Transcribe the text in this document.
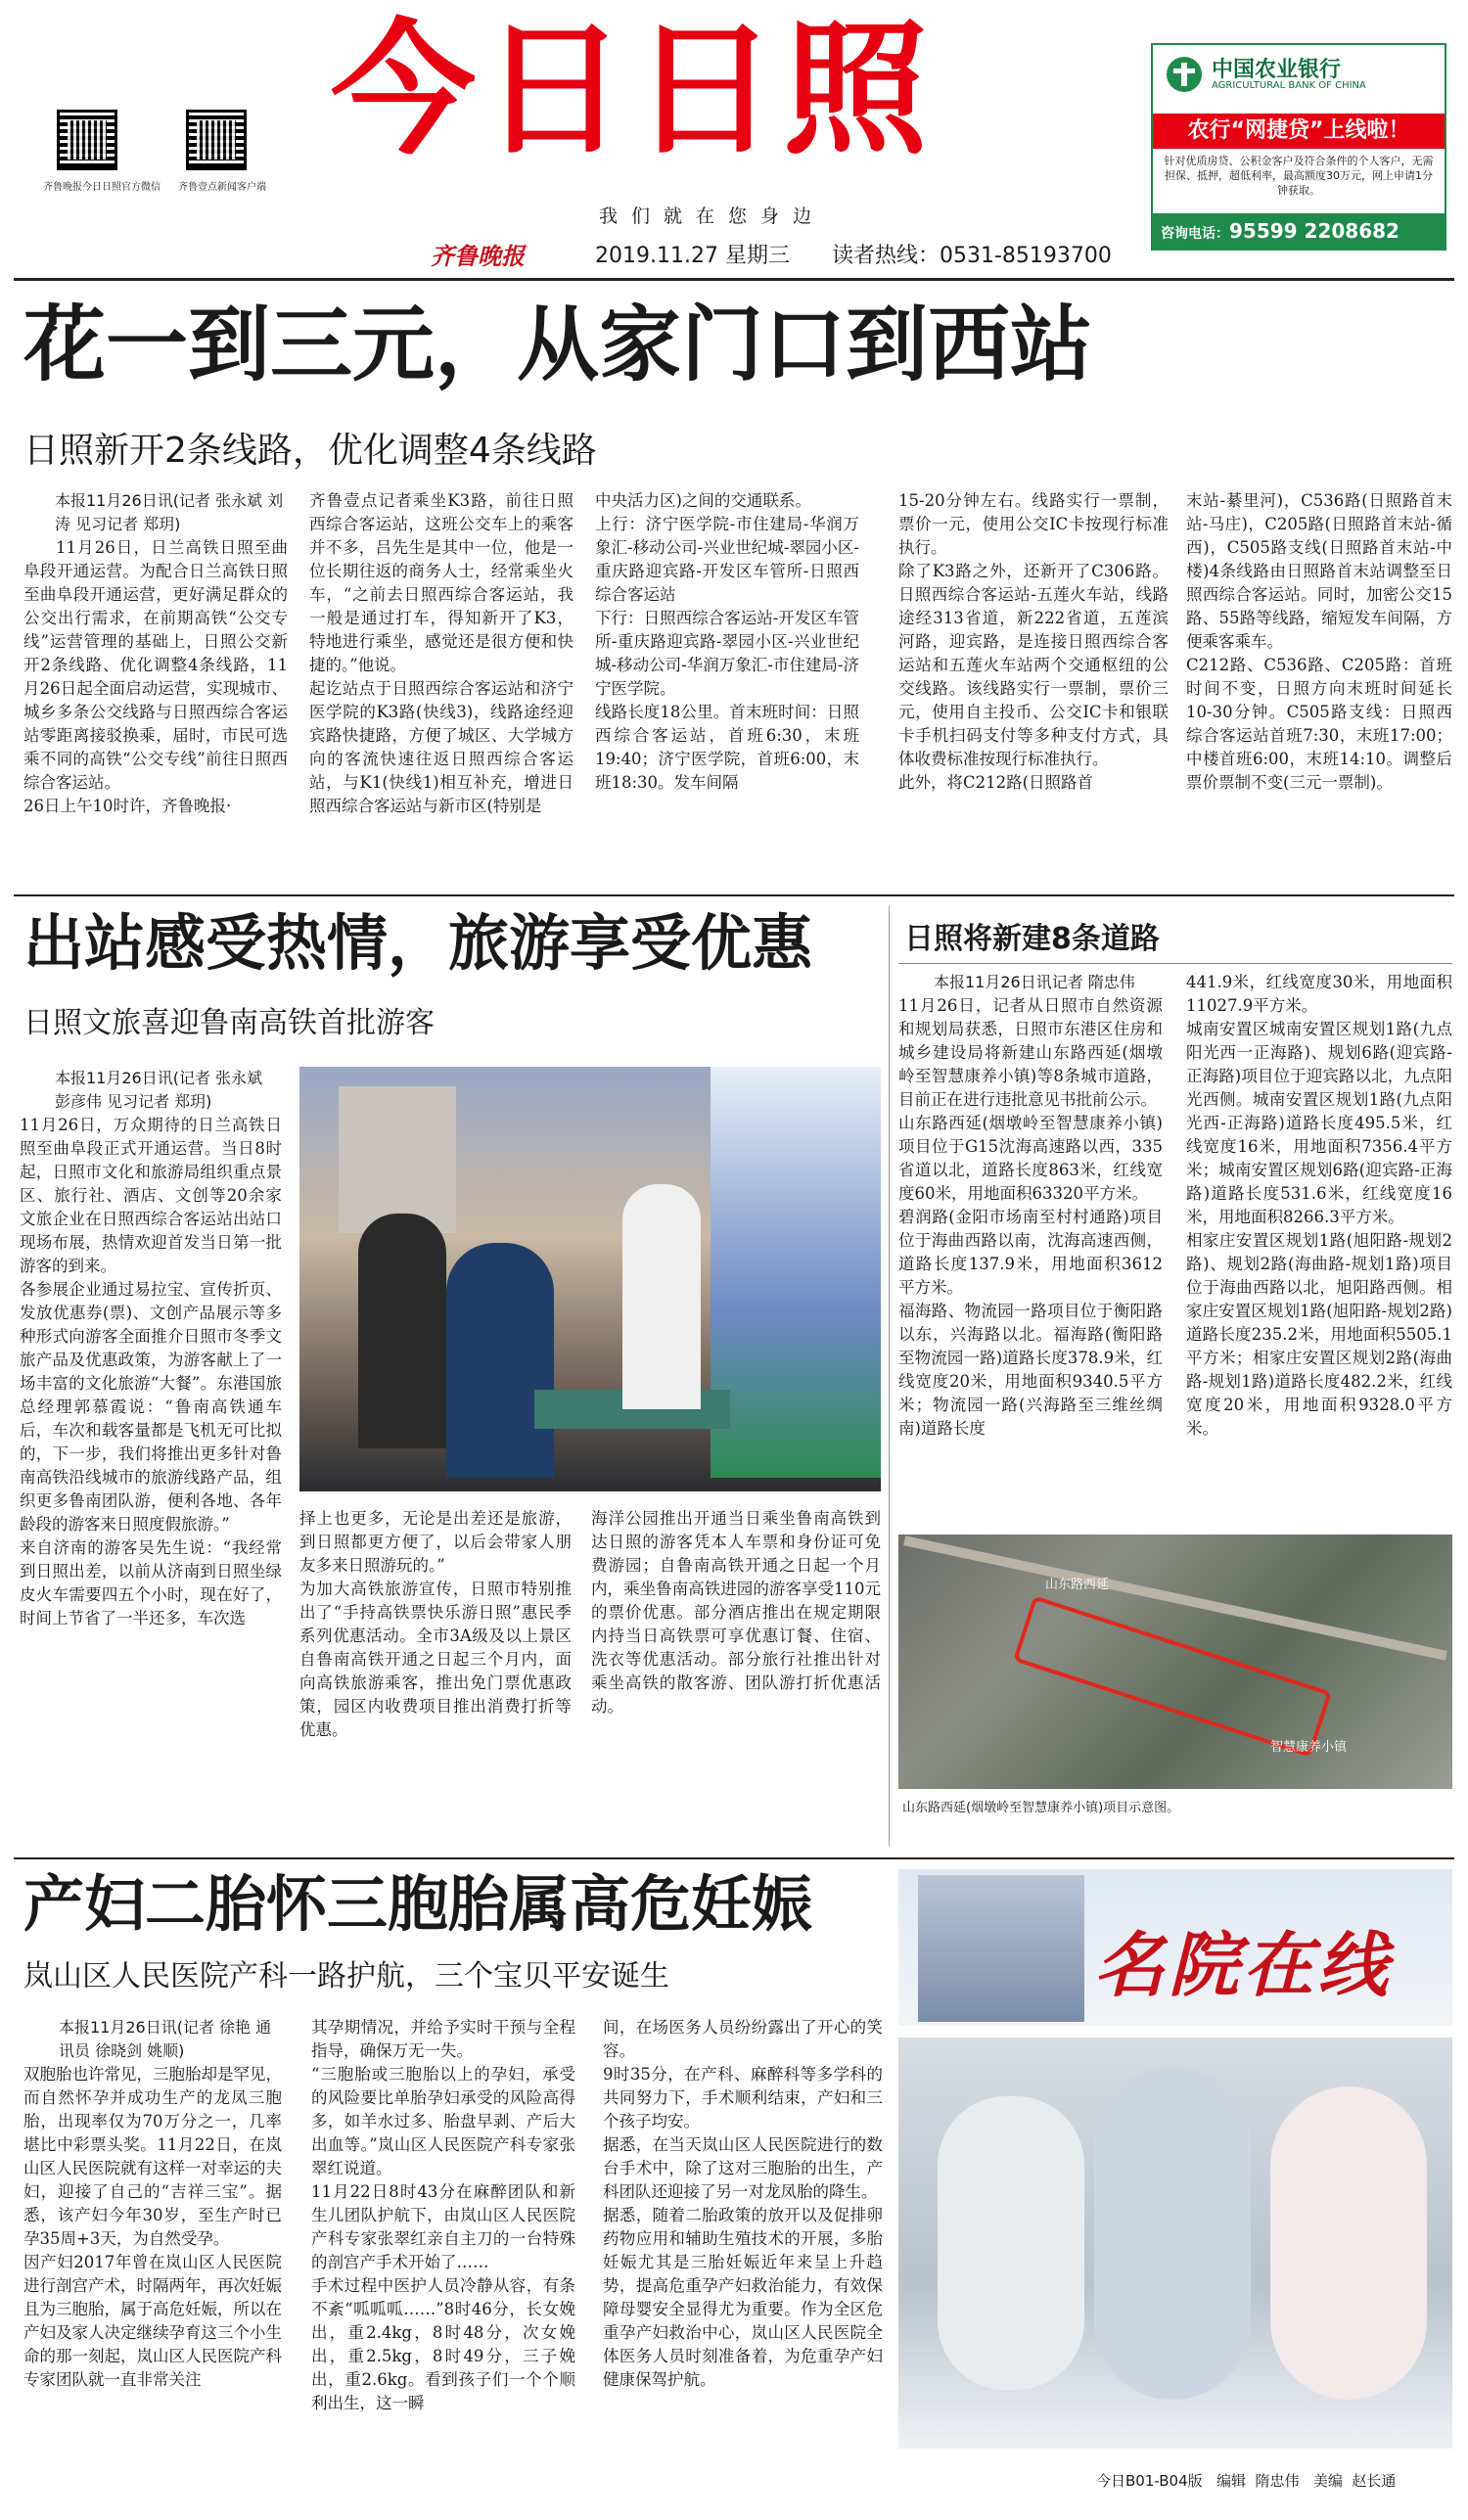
齐鲁晚报今日日照官方微信	齐鲁壹点新闻客户端
今日日照
我们就在您身边
齐鲁晚报	2019.11.27 星期三 读者热线：0531-85193700
中国农业银行
AGRICULTURAL BANK OF CHINA
农行“网捷贷”上线啦！
针对优质房贷、公积金客户及符合条件的个人客户，无需担保、抵押，超低利率，最高额度30万元，网上申请1分钟获取。
咨询电话：95599 2208682
花一到三元，从家门口到西站
日照新开2条线路，优化调整4条线路
本报11月26日讯(记者 张永斌 刘涛 见习记者 郑玥)
11月26日，日兰高铁日照至曲阜段开通运营。为配合日兰高铁日照至曲阜段开通运营，更好满足群众的公交出行需求，在前期高铁“公交专线”运营管理的基础上，日照公交新开2条线路、优化调整4条线路，11月26日起全面启动运营，实现城市、城乡多条公交线路与日照西综合客运站零距离接驳换乘，届时，市民可选乘不同的高铁“公交专线”前往日照西综合客运站。
26日上午10时许，齐鲁晚报·
齐鲁壹点记者乘坐K3路，前往日照西综合客运站，这班公交车上的乘客并不多，吕先生是其中一位，他是一位长期往返的商务人士，经常乘坐火车，“之前去日照西综合客运站，我一般是通过打车，得知新开了K3，特地进行乘坐，感觉还是很方便和快捷的。”他说。
起讫站点于日照西综合客运站和济宁医学院的K3路(快线3)，线路途经迎宾路快捷路，方便了城区、大学城方向的客流快速往返日照西综合客运站，与K1(快线1)相互补充，增进日照西综合客运站与新市区(特别是
中央活力区)之间的交通联系。
上行：济宁医学院-市住建局-华润万象汇-移动公司-兴业世纪城-翠园小区-重庆路迎宾路-开发区车管所-日照西综合客运站
下行：日照西综合客运站-开发区车管所-重庆路迎宾路-翠园小区-兴业世纪城-移动公司-华润万象汇-市住建局-济宁医学院。
线路长度18公里。首末班时间：日照西综合客运站，首班6:30，末班19:40；济宁医学院，首班6:00，末班18:30。发车间隔
15-20分钟左右。线路实行一票制，票价一元，使用公交IC卡按现行标准执行。
除了K3路之外，还新开了C306路。日照西综合客运站-五莲火车站，线路途经313省道，新222省道，五莲滨河路，迎宾路，是连接日照西综合客运站和五莲火车站两个交通枢纽的公交线路。该线路实行一票制，票价三元，使用自主投币、公交IC卡和银联卡手机扫码支付等多种支付方式，具体收费标准按现行标准执行。
此外，将C212路(日照路首
末站-綦里河)，C536路(日照路首末站-马庄)，C205路(日照路首末站-循西)，C505路支线(日照路首末站-中楼)4条线路由日照路首末站调整至日照西综合客运站。同时，加密公交15路、55路等线路，缩短发车间隔，方便乘客乘车。
C212路、C536路、C205路：首班时间不变，日照方向末班时间延长10-30分钟。C505路支线：日照西综合客运站首班7:30，末班17:00；中楼首班6:00，末班14:10。调整后票价票制不变(三元一票制)。
出站感受热情，旅游享受优惠
日照文旅喜迎鲁南高铁首批游客
本报11月26日讯(记者 张永斌 彭彦伟 见习记者 郑玥)
11月26日，万众期待的日兰高铁日照至曲阜段正式开通运营。当日8时起，日照市文化和旅游局组织重点景区、旅行社、酒店、文创等20余家文旅企业在日照西综合客运站出站口现场布展，热情欢迎首发当日第一批游客的到来。
各参展企业通过易拉宝、宣传折页、发放优惠券(票)、文创产品展示等多种形式向游客全面推介日照市冬季文旅产品及优惠政策，为游客献上了一场丰富的文化旅游“大餐”。东港国旅总经理郭慕霞说：“鲁南高铁通车后，车次和载客量都是飞机无可比拟的，下一步，我们将推出更多针对鲁南高铁沿线城市的旅游线路产品，组织更多鲁南团队游，便利各地、各年龄段的游客来日照度假旅游。”
来自济南的游客吴先生说：“我经常到日照出差，以前从济南到日照坐绿皮火车需要四五个小时，现在好了，时间上节省了一半还多，车次选
择上也更多，无论是出差还是旅游，到日照都更方便了，以后会带家人朋友多来日照游玩的。”
为加大高铁旅游宣传，日照市特别推出了“手持高铁票快乐游日照”惠民季系列优惠活动。全市3A级及以上景区自鲁南高铁开通之日起三个月内，面向高铁旅游乘客，推出免门票优惠政策，园区内收费项目推出消费打折等优惠。
海洋公园推出开通当日乘坐鲁南高铁到达日照的游客凭本人车票和身份证可免费游园；自鲁南高铁开通之日起一个月内，乘坐鲁南高铁进园的游客享受110元的票价优惠。部分酒店推出在规定期限内持当日高铁票可享优惠订餐、住宿、洗衣等优惠活动。部分旅行社推出针对乘坐高铁的散客游、团队游打折优惠活动。
日照将新建8条道路
本报11月26日讯记者 隋忠伟
11月26日，记者从日照市自然资源和规划局获悉，日照市东港区住房和城乡建设局将新建山东路西延(烟墩岭至智慧康养小镇)等8条城市道路，目前正在进行违批意见书批前公示。
山东路西延(烟墩岭至智慧康养小镇)项目位于G15沈海高速路以西，335省道以北，道路长度863米，红线宽度60米，用地面积63320平方米。
碧润路(金阳市场南至村村通路)项目位于海曲西路以南，沈海高速西侧，道路长度137.9米，用地面积3612平方米。
福海路、物流园一路项目位于衡阳路以东，兴海路以北。福海路(衡阳路至物流园一路)道路长度378.9米，红线宽度20米，用地面积9340.5平方米；物流园一路(兴海路至三维丝绸南)道路长度
441.9米，红线宽度30米，用地面积11027.9平方米。
城南安置区城南安置区规划1路(九点阳光西一正海路)、规划6路(迎宾路-正海路)项目位于迎宾路以北，九点阳光西侧。城南安置区规划1路(九点阳光西-正海路)道路长度495.5米，红线宽度16米，用地面积7356.4平方米；城南安置区规划6路(迎宾路-正海路)道路长度531.6米，红线宽度16米，用地面积8266.3平方米。
相家庄安置区规划1路(旭阳路-规划2路)、规划2路(海曲路-规划1路)项目位于海曲西路以北，旭阳路西侧。相家庄安置区规划1路(旭阳路-规划2路)道路长度235.2米，用地面积5505.1平方米；相家庄安置区规划2路(海曲路-规划1路)道路长度482.2米，红线宽度20米，用地面积9328.0平方米。
山东路西延
智慧康养小镇
山东路西延(烟墩岭至智慧康养小镇)项目示意图。
产妇二胎怀三胞胎属高危妊娠
岚山区人民医院产科一路护航，三个宝贝平安诞生
本报11月26日讯(记者 徐艳 通讯员 徐晓剑 姚顺)
双胞胎也许常见，三胞胎却是罕见，而自然怀孕并成功生产的龙凤三胞胎，出现率仅为70万分之一，几率堪比中彩票头奖。11月22日，在岚山区人民医院就有这样一对幸运的夫妇，迎接了自己的“吉祥三宝”。据悉，该产妇今年30岁，至生产时已孕35周+3天，为自然受孕。
因产妇2017年曾在岚山区人民医院进行剖宫产术，时隔两年，再次妊娠且为三胞胎，属于高危妊娠，所以在产妇及家人决定继续孕育这三个小生命的那一刻起，岚山区人民医院产科专家团队就一直非常关注
其孕期情况，并给予实时干预与全程指导，确保万无一失。
“三胞胎或三胞胎以上的孕妇，承受的风险要比单胎孕妇承受的风险高得多，如羊水过多、胎盘早剥、产后大出血等。”岚山区人民医院产科专家张翠红说道。
11月22日8时43分在麻醉团队和新生儿团队护航下，由岚山区人民医院产科专家张翠红亲自主刀的一台特殊的剖宫产手术开始了……
手术过程中医护人员冷静从容，有条不紊“呱呱呱……”8时46分，长女娩出，重2.4kg，8时48分，次女娩出，重2.5kg，8时49分，三子娩出，重2.6kg。看到孩子们一个个顺利出生，这一瞬
间，在场医务人员纷纷露出了开心的笑容。
9时35分，在产科、麻醉科等多学科的共同努力下，手术顺利结束，产妇和三个孩子均安。
据悉，在当天岚山区人民医院进行的数台手术中，除了这对三胞胎的出生，产科团队还迎接了另一对龙凤胎的降生。
据悉，随着二胎政策的放开以及促排卵药物应用和辅助生殖技术的开展，多胎妊娠尤其是三胎妊娠近年来呈上升趋势，提高危重孕产妇救治能力，有效保障母婴安全显得尤为重要。作为全区危重孕产妇救治中心，岚山区人民医院全体医务人员时刻准备着，为危重孕产妇健康保驾护航。
名院在线
今日B01-B04版 编辑 隋忠伟 美编 赵长通
